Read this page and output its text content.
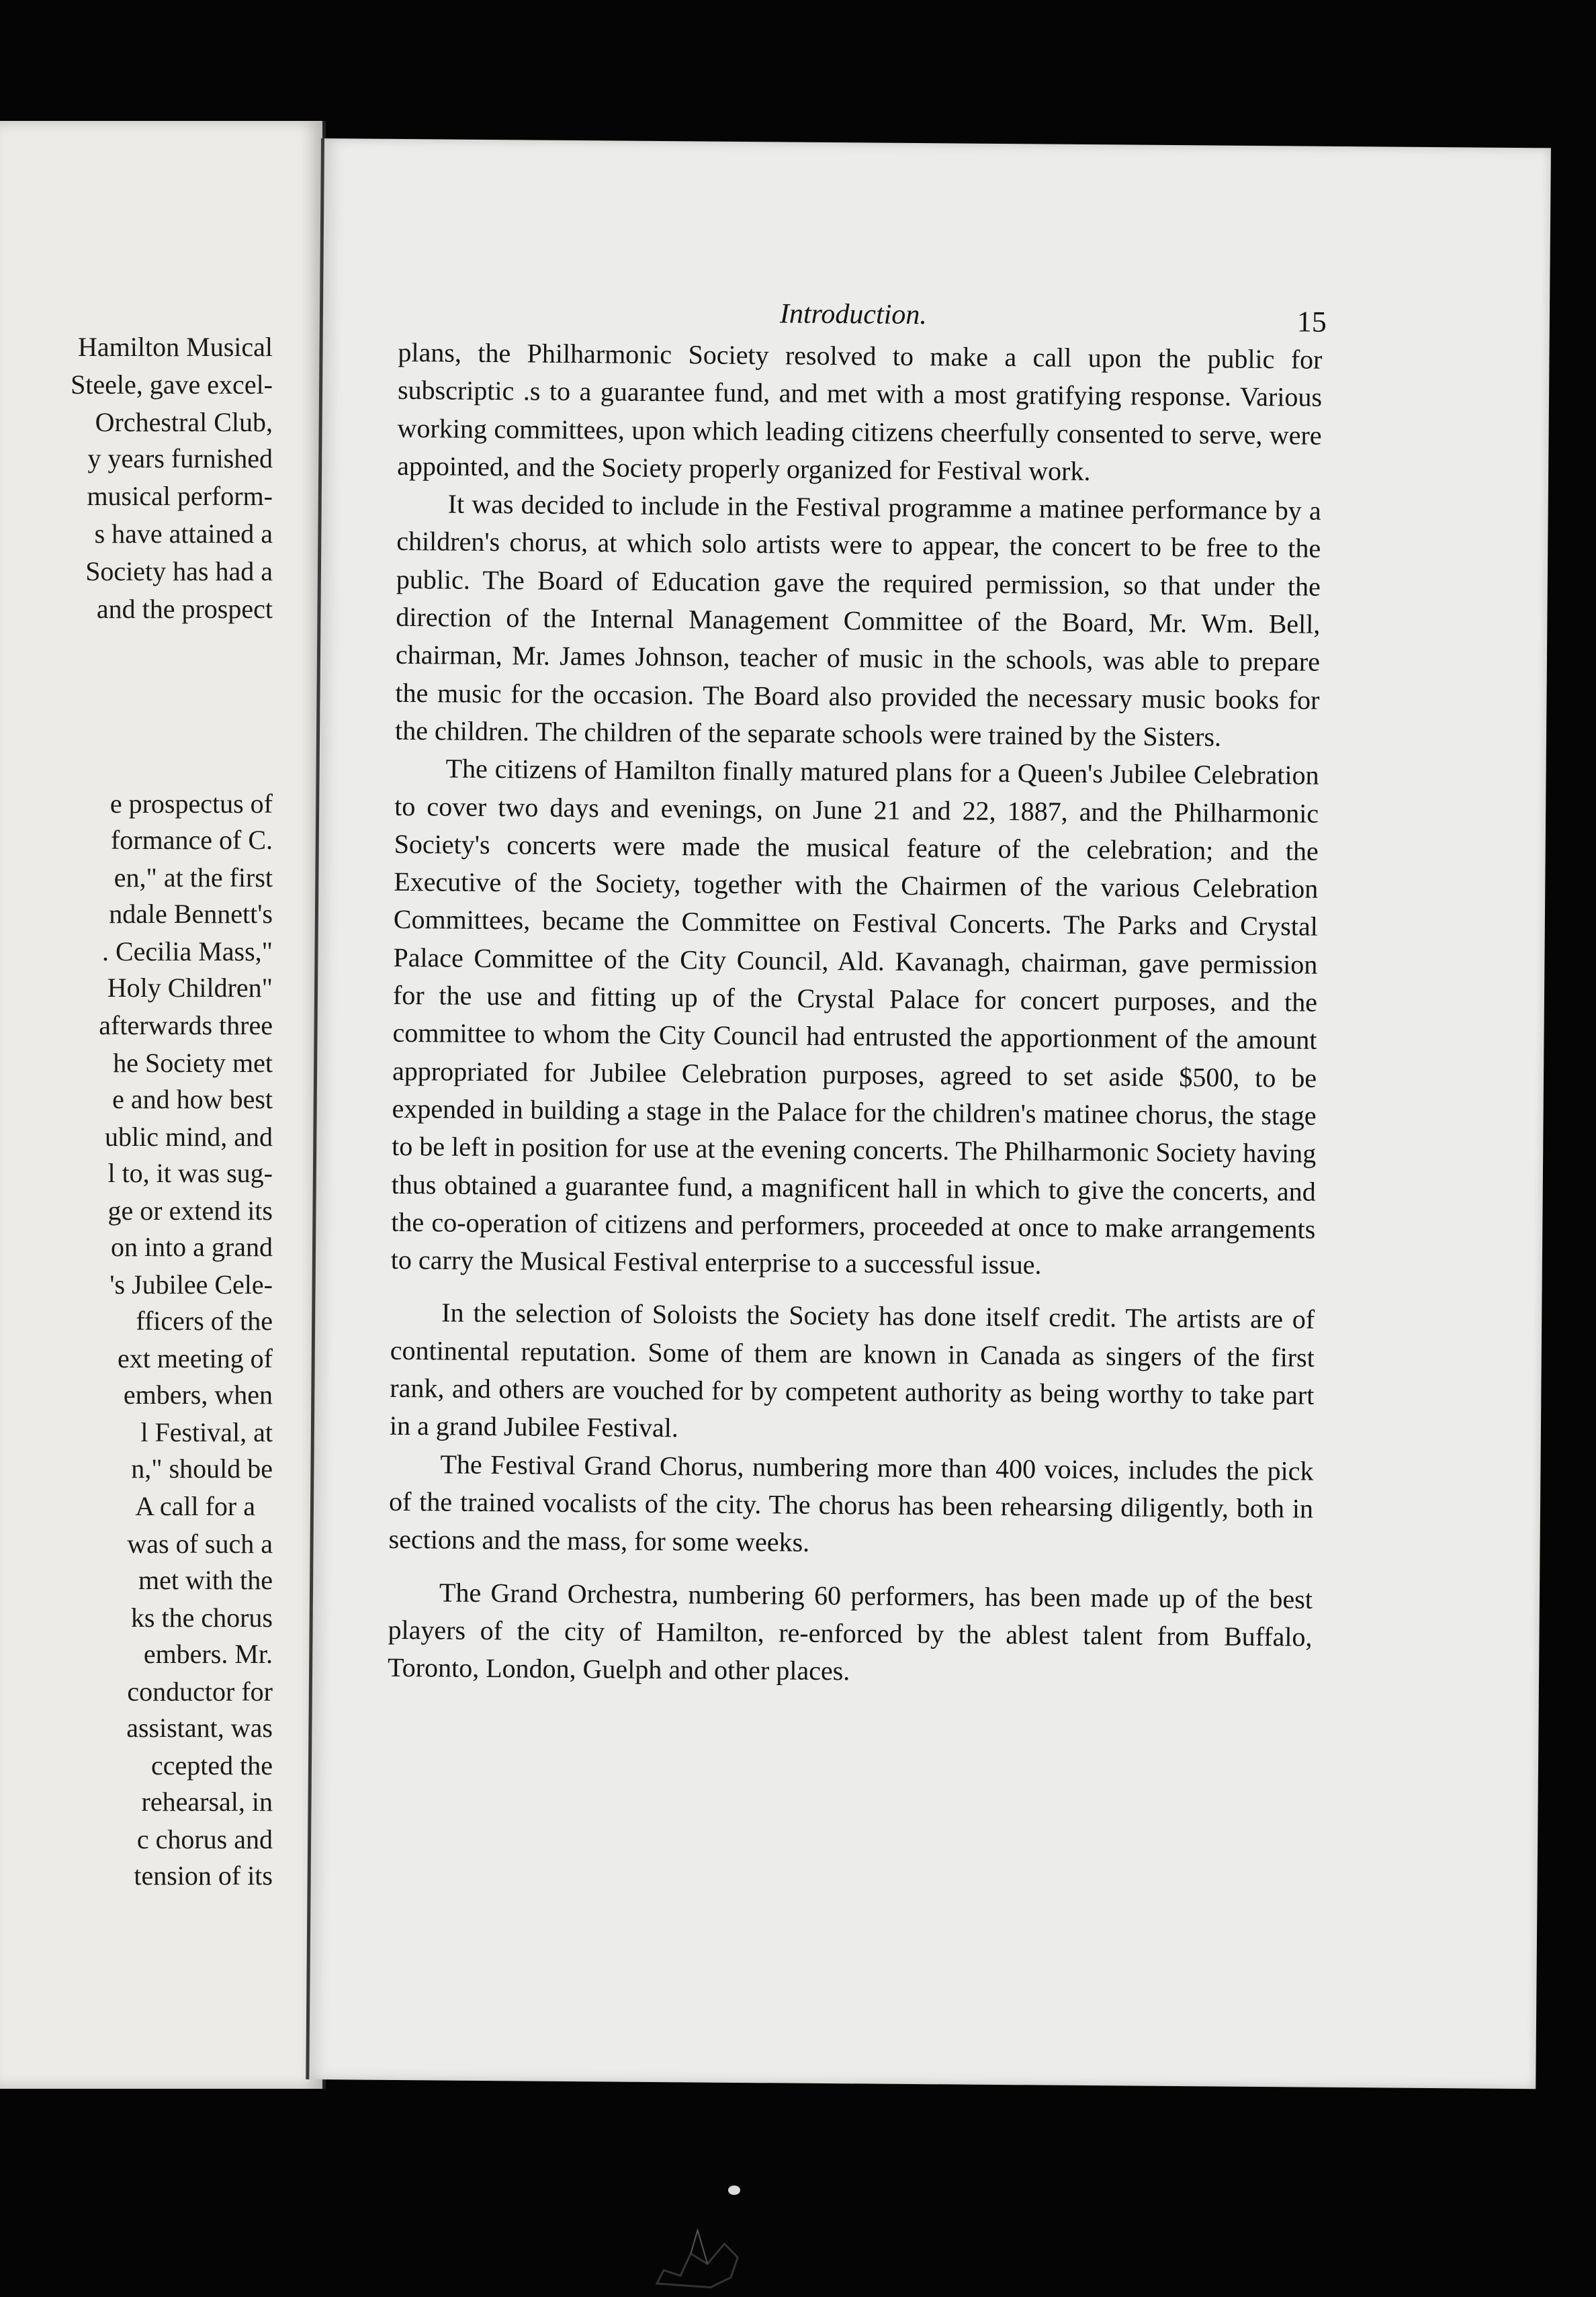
Hamilton Musical
Steele, gave excel-
Orchestral Club,
y years furnished
musical perform-
s have attained a
Society has had a
and the prospect
e prospectus of
formance of C.
en," at the first
ndale Bennett's
. Cecilia Mass,"
Holy Children"
afterwards three
he Society met
e and how best
ublic mind, and
l to, it was sug-
ge or extend its
on into a grand
's Jubilee Cele-
fficers of the
ext meeting of
embers, when
l Festival, at
n," should be
A call for a
was of such a
met with the
ks the chorus
embers. Mr.
conductor for
assistant, was
ccepted the
rehearsal, in
c chorus and
tension of its
Introduction.	15

plans, the Philharmonic Society resolved to make a call upon the public for subscriptic .s to a guarantee fund, and met with a most gratifying response. Various working committees, upon which leading citizens cheerfully consented to serve, were appointed, and the Society properly organized for Festival work.

It was decided to include in the Festival programme a matinee performance by a children's chorus, at which solo artists were to appear, the concert to be free to the public. The Board of Education gave the required permission, so that under the direction of the Internal Management Committee of the Board, Mr. Wm. Bell, chairman, Mr. James Johnson, teacher of music in the schools, was able to prepare the music for the occasion. The Board also provided the necessary music books for the children. The children of the separate schools were trained by the Sisters.

The citizens of Hamilton finally matured plans for a Queen's Jubilee Celebration to cover two days and evenings, on June 21 and 22, 1887, and the Philharmonic Society's concerts were made the musical feature of the celebration; and the Executive of the Society, together with the Chairmen of the various Celebration Committees, became the Committee on Festival Concerts. The Parks and Crystal Palace Committee of the City Council, Ald. Kavanagh, chairman, gave permission for the use and fitting up of the Crystal Palace for concert purposes, and the committee to whom the City Council had entrusted the apportionment of the amount appropriated for Jubilee Celebration purposes, agreed to set aside $500, to be expended in building a stage in the Palace for the children's matinee chorus, the stage to be left in position for use at the evening concerts. The Philharmonic Society having thus obtained a guarantee fund, a magnificent hall in which to give the concerts, and the co-operation of citizens and performers, proceeded at once to make arrangements to carry the Musical Festival enterprise to a successful issue.

In the selection of Soloists the Society has done itself credit. The artists are of continental reputation. Some of them are known in Canada as singers of the first rank, and others are vouched for by competent authority as being worthy to take part in a grand Jubilee Festival.

The Festival Grand Chorus, numbering more than 400 voices, includes the pick of the trained vocalists of the city. The chorus has been rehearsing diligently, both in sections and the mass, for some weeks.

The Grand Orchestra, numbering 60 performers, has been made up of the best players of the city of Hamilton, re-enforced by the ablest talent from Buffalo, Toronto, London, Guelph and other places.
